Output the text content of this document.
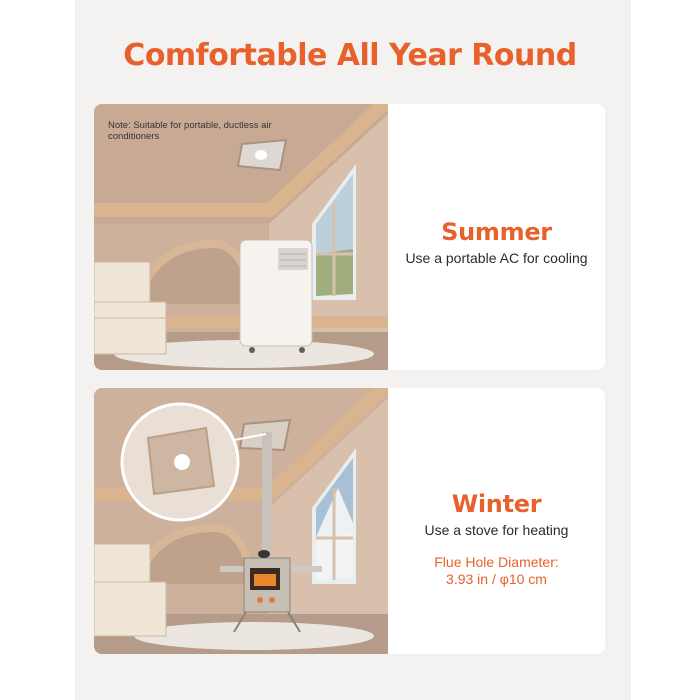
Comfortable All Year Round
Note: Suitable for portable, ductless air conditioners
Summer
Use a portable AC for cooling
Winter
Use a stove for heating
Flue Hole Diameter:
3.93 in / φ10 cm
